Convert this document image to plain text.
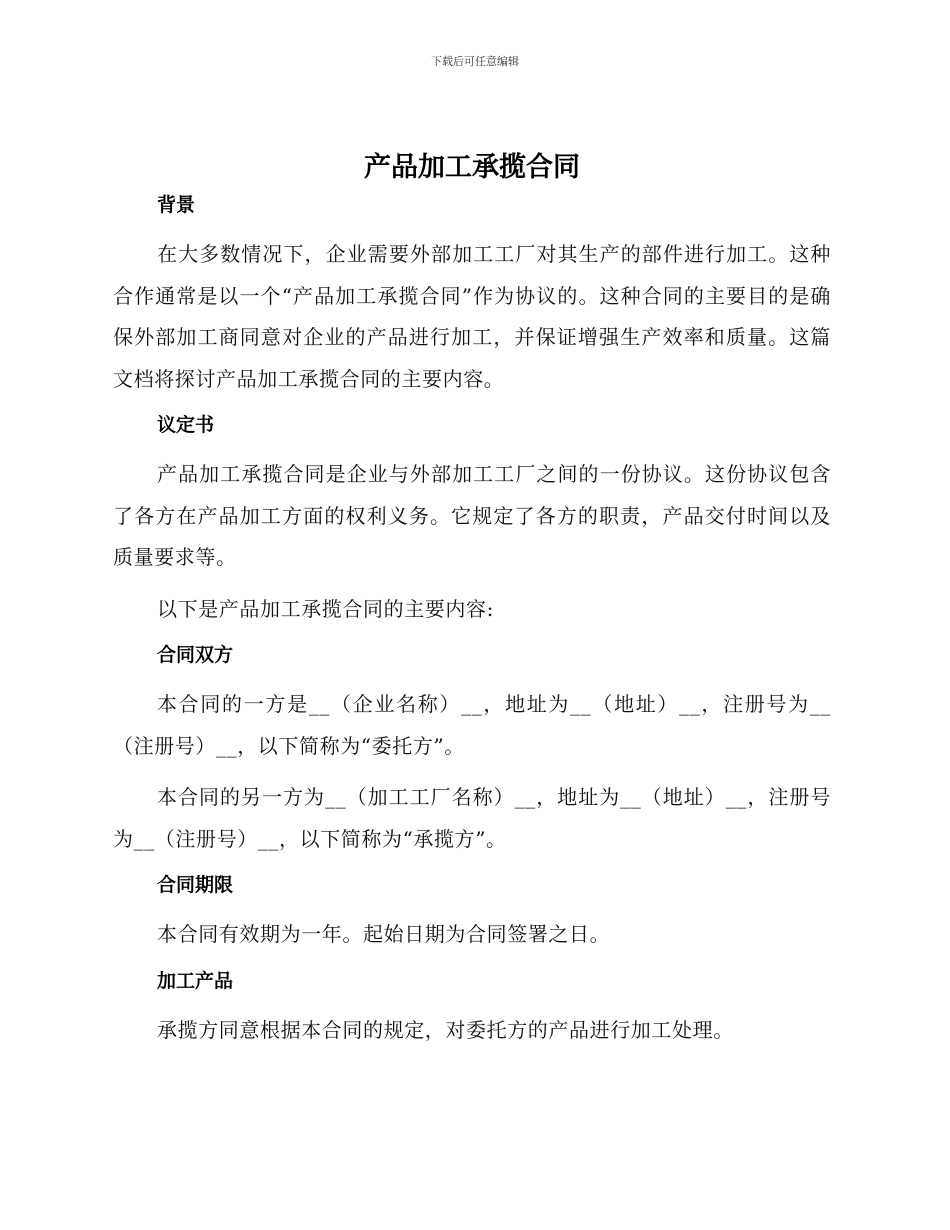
下载后可任意编辑
产品加工承揽合同
背景

在大多数情况下，企业需要外部加工工厂对其生产的部件进行加工。这种合作通常是以一个“产品加工承揽合同”作为协议的。这种合同的主要目的是确保外部加工商同意对企业的产品进行加工，并保证增强生产效率和质量。这篇文档将探讨产品加工承揽合同的主要内容。

议定书

产品加工承揽合同是企业与外部加工工厂之间的一份协议。这份协议包含了各方在产品加工方面的权利义务。它规定了各方的职责，产品交付时间以及质量要求等。

以下是产品加工承揽合同的主要内容:

合同双方

本合同的一方是__（企业名称）__，地址为__（地址）__，注册号为__（注册号）__，以下简称为“委托方”。

本合同的另一方为__（加工工厂名称）__，地址为__（地址）__，注册号为__（注册号）__，以下简称为“承揽方”。

合同期限

本合同有效期为一年。起始日期为合同签署之日。

加工产品

承揽方同意根据本合同的规定，对委托方的产品进行加工处理。
